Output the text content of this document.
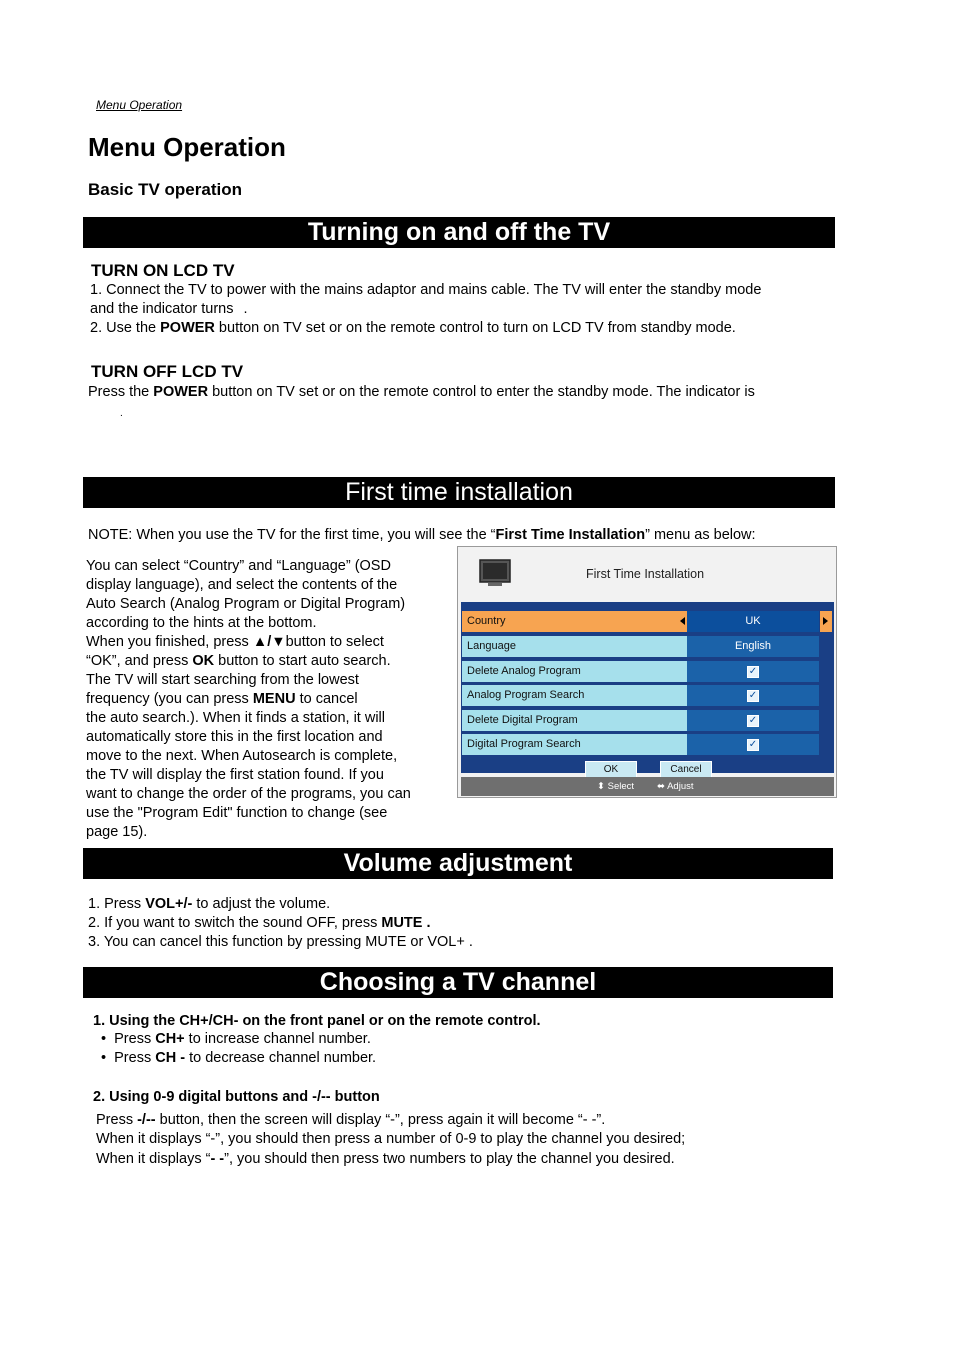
Menu Operation
Menu Operation
Basic TV operation
Turning on and off the TV
TURN ON LCD TV
1. Connect the TV to power with the mains adaptor and mains cable. The TV will enter the standby mode
and the indicator turns .
2. Use the POWER button on TV set or on the remote control to turn on LCD TV from standby mode.
TURN OFF LCD TV
Press the POWER button on TV set or on the remote control to enter the standby mode. The indicator is
.
First time installation
NOTE: When you use the TV for the first time, you will see the “First Time Installation” menu as below:

You can select “Country” and “Language” (OSD

display language), and select the contents of the

Auto Search (Analog Program or Digital Program)

according to the hints at the bottom.

When you finished, press ▲/▼button to select

“OK”, and press OK button to start auto search.

The TV will start searching from the lowest

frequency (you can press MENU to cancel

the auto search.). When it finds a station, it will

automatically store this in the first location and

move to the next. When Autosearch is complete,

the TV will display the first station found. If you

want to change the order of the programs, you can

use the "Program Edit" function to change (see

page 15).

First Time Installation
Country	UK
Language	English
Delete Analog Program	✓
Analog Program Search	✓
Delete Digital Program	✓
Digital Program Search	✓
OK	Cancel
⬍ Select ⬌ Adjust
Volume adjustment
1. Press VOL+/- to adjust the volume.
2. If you want to switch the sound OFF, press MUTE .
3. You can cancel this function by pressing MUTE or VOL+ .
Choosing a TV channel
1. Using the CH+/CH- on the front panel or on the remote control.
•  Press CH+ to increase channel number.
•  Press CH - to decrease channel number.
2. Using 0-9 digital buttons and -/-- button
Press -/-- button, then the screen will display “-”, press again it will become “- -”.
When it displays “-”, you should then press a number of 0-9 to play the channel you desired;
When it displays “- -”, you should then press two numbers to play the channel you desired.
